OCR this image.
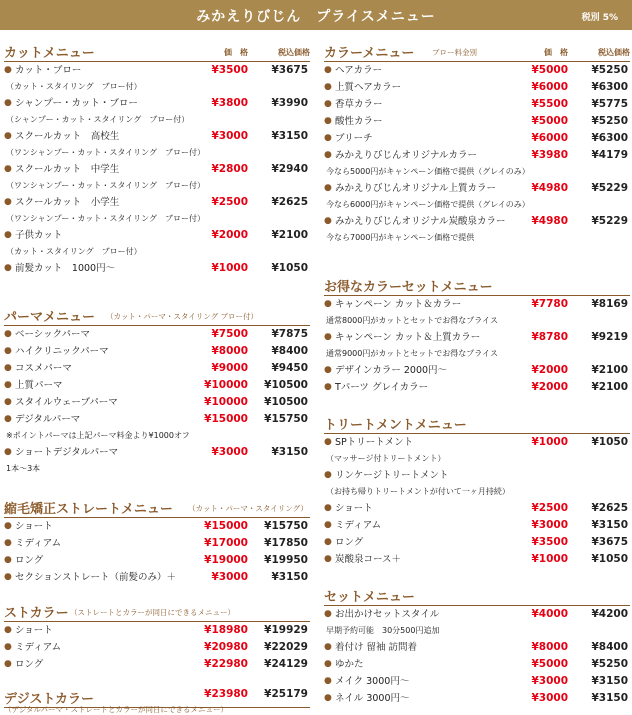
みかえりびじん　プライスメニュー	税別 5%
カットメニュー	価　格	税込価格
● カット・ブロー	¥3500 ¥3675
（カット・スタイリング　ブロー付）
● シャンプー・カット・ブロー	¥3800 ¥3990
（シャンプー・カット・スタイリング　ブロー付）
● スクールカット　高校生	¥3000 ¥3150
（ワンシャンプー・カット・スタイリング　ブロー付）
● スクールカット　中学生	¥2800 ¥2940
（ワンシャンプー・カット・スタイリング　ブロー付）
● スクールカット　小学生	¥2500 ¥2625
（ワンシャンプー・カット・スタイリング　ブロー付）
● 子供カット	¥2000 ¥2100
（カット・スタイリング　ブロー付）
● 前髪カット　1000円～	¥1000 ¥1050
パーマメニュー （カット・パーマ・スタイリング ブロー付）
● ベーシックパーマ	¥7500 ¥7875
● ハイクリニックパーマ	¥8000 ¥8400
● コスメパーマ	¥9000 ¥9450
● 上質パーマ	¥10000 ¥10500
● スタイルウェーブパーマ	¥10000 ¥10500
● デジタルパーマ	¥15000 ¥15750
※ポイントパーマは上記パーマ料金より¥1000オフ
● ショートデジタルパーマ	¥3000 ¥3150
1本～3本
縮毛矯正ストレートメニュー （カット・パーマ・スタイリング）
● ショート	¥15000 ¥15750
● ミディアム	¥17000 ¥17850
● ロング	¥19000 ¥19950
● セクションストレート（前髪のみ）＋	¥3000 ¥3150
ストカラー （ストレートとカラーが同日にできるメニュー）
● ショート	¥18980 ¥19929
● ミディアム	¥20980 ¥22029
● ロング	¥22980 ¥24129
デジストカラー
（デジタルパーマ・ストレートとカラーが同日にできるメニュー）
¥23980 ¥25179
カラーメニュー ブロー料金別	価　格	税込価格
● ヘアカラー	¥5000 ¥5250
● 上質ヘアカラー	¥6000 ¥6300
● 香草カラー	¥5500 ¥5775
● 酸性カラー	¥5000 ¥5250
● ブリーチ	¥6000 ¥6300
● みかえりびじんオリジナルカラー	¥3980 ¥4179
今なら5000円がキャンペーン価格で提供（グレイのみ）
● みかえりびじんオリジナル上質カラー	¥4980 ¥5229
今なら6000円がキャンペーン価格で提供（グレイのみ）
● みかえりびじんオリジナル炭酸泉カラー ¥4980 ¥5229
今なら7000円がキャンペーン価格で提供
お得なカラーセットメニュー
● キャンペーン カット＆カラー	¥7780 ¥8169
通常8000円がカットとセットでお得なプライス
● キャンペーン カット＆上質カラー	¥8780 ¥9219
通常9000円がカットとセットでお得なプライス
● デザインカラー 2000円～	¥2000 ¥2100
● Tパーツ グレイカラー	¥2000 ¥2100
トリートメントメニュー
● SPトリートメント	¥1000 ¥1050
（マッサージ付トリートメント）
● リンケージトリートメント
（お持ち帰りトリートメントが付いて一ヶ月持続）
● ショート	¥2500 ¥2625
● ミディアム	¥3000 ¥3150
● ロング	¥3500 ¥3675
● 炭酸泉コース＋	¥1000 ¥1050
セットメニュー
● お出かけセットスタイル	¥4000 ¥4200
早期予約可能　30分500円追加
● 着付け 留袖 訪問着	¥8000 ¥8400
● ゆかた	¥5000 ¥5250
● メイク 3000円～	¥3000 ¥3150
● ネイル 3000円～	¥3000 ¥3150
